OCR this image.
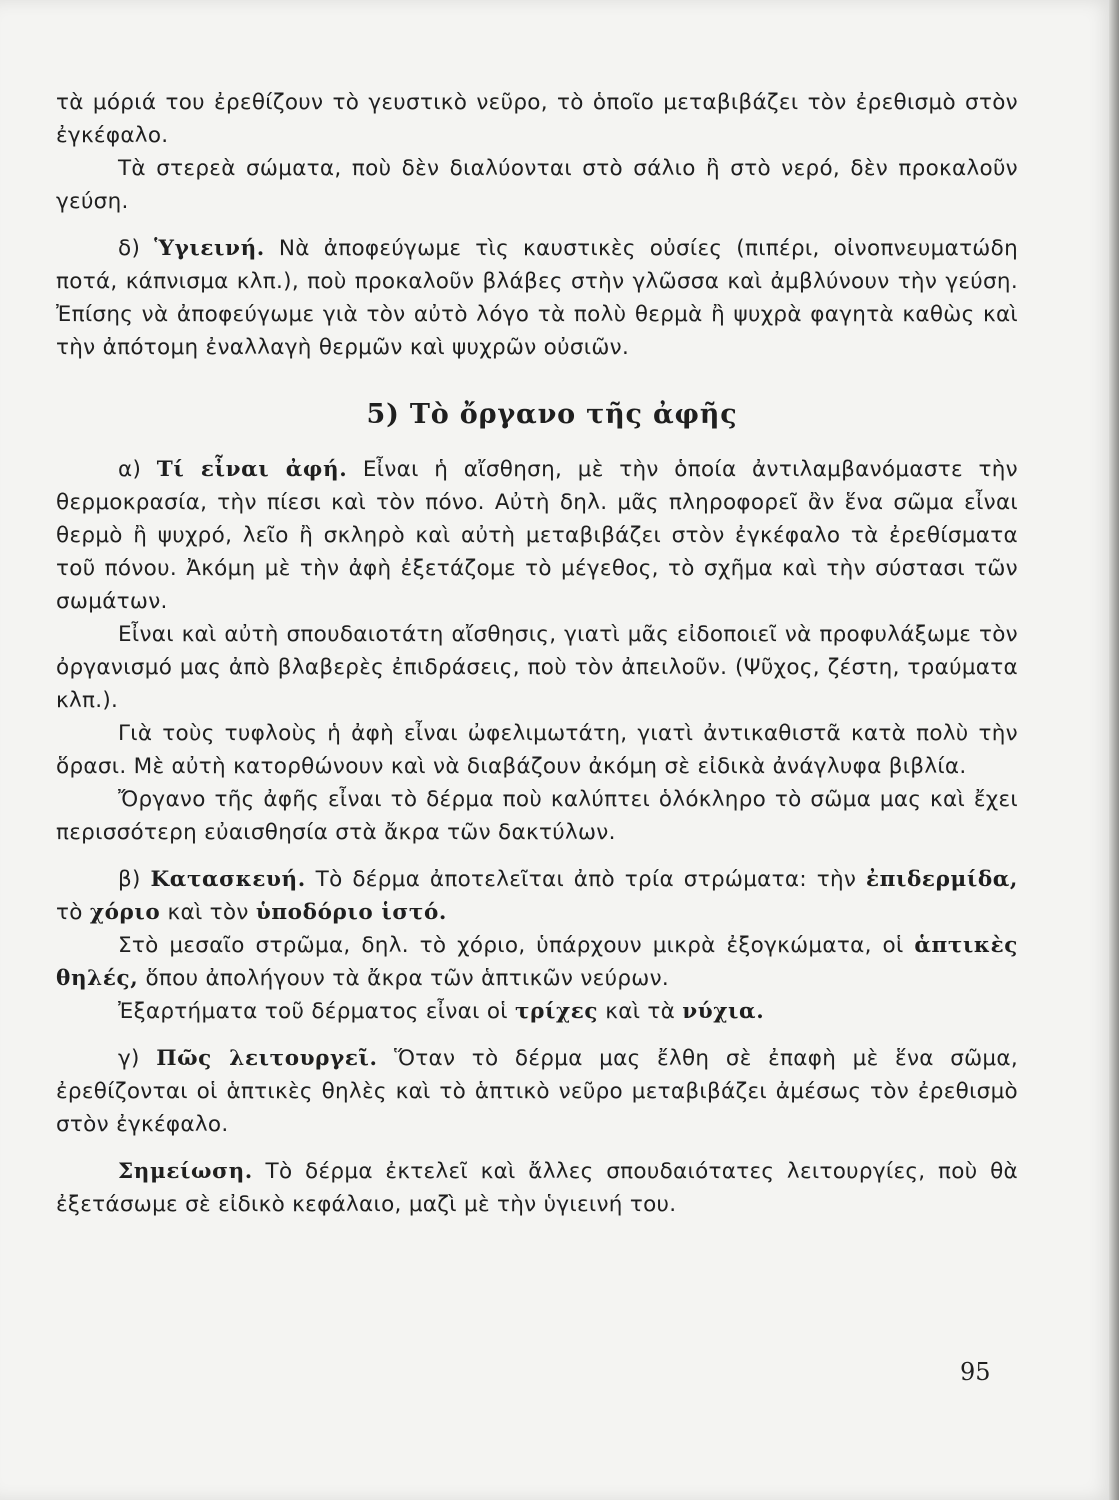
τὰ μόριά του ἐρεθίζουν τὸ γευστικὸ νεῦρο, τὸ ὁποῖο μεταβιβάζει τὸν ἐρεθισμὸ στὸν ἐγκέφαλο.

Τὰ στερεὰ σώματα, ποὺ δὲν διαλύονται στὸ σάλιο ἢ στὸ νερό, δὲν προκαλοῦν γεύση.

δ) Ὑγιεινή. Νὰ ἀποφεύγωμε τὶς καυστικὲς οὐσίες (πιπέρι, οἰνοπνευματώδη ποτά, κάπνισμα κλπ.), ποὺ προκαλοῦν βλάβες στὴν γλῶσσα καὶ ἀμβλύνουν τὴν γεύση. Ἐπίσης νὰ ἀποφεύγωμε γιὰ τὸν αὐτὸ λόγο τὰ πολὺ θερμὰ ἢ ψυχρὰ φαγητὰ καθὼς καὶ τὴν ἀπότομη ἐναλλαγὴ θερμῶν καὶ ψυχρῶν οὐσιῶν.

5) Τὸ ὄργανο τῆς ἀφῆς

α) Τί εἶναι ἀφή. Εἶναι ἡ αἴσθηση, μὲ τὴν ὁποία ἀντιλαμβανόμαστε τὴν θερμοκρασία, τὴν πίεσι καὶ τὸν πόνο. Αὐτὴ δηλ. μᾶς πληροφορεῖ ἂν ἕνα σῶμα εἶναι θερμὸ ἢ ψυχρό, λεῖο ἢ σκληρὸ καὶ αὐτὴ μεταβιβάζει στὸν ἐγκέφαλο τὰ ἐρεθίσματα τοῦ πόνου. Ἀκόμη μὲ τὴν ἀφὴ ἐξετάζομε τὸ μέγεθος, τὸ σχῆμα καὶ τὴν σύστασι τῶν σωμάτων.

Εἶναι καὶ αὐτὴ σπουδαιοτάτη αἴσθησις, γιατὶ μᾶς εἰδοποιεῖ νὰ προφυλάξωμε τὸν ὀργανισμό μας ἀπὸ βλαβερὲς ἐπιδράσεις, ποὺ τὸν ἀπειλοῦν. (Ψῦχος, ζέστη, τραύματα κλπ.).

Γιὰ τοὺς τυφλοὺς ἡ ἀφὴ εἶναι ὠφελιμωτάτη, γιατὶ ἀντικαθιστᾶ κατὰ πολὺ τὴν ὅρασι. Μὲ αὐτὴ κατορθώνουν καὶ νὰ διαβάζουν ἀκόμη σὲ εἰδικὰ ἀνάγλυφα βιβλία.

Ὄργανο τῆς ἀφῆς εἶναι τὸ δέρμα ποὺ καλύπτει ὁλόκληρο τὸ σῶμα μας καὶ ἔχει περισσότερη εὐαισθησία στὰ ἄκρα τῶν δακτύλων.

β) Κατασκευή. Τὸ δέρμα ἀποτελεῖται ἀπὸ τρία στρώματα: τὴν ἐπιδερμίδα, τὸ χόριο καὶ τὸν ὑποδόριο ἱστό.

Στὸ μεσαῖο στρῶμα, δηλ. τὸ χόριο, ὑπάρχουν μικρὰ ἐξογκώματα, οἱ ἁπτικὲς θηλές, ὅπου ἀπολήγουν τὰ ἄκρα τῶν ἁπτικῶν νεύρων.

Ἐξαρτήματα τοῦ δέρματος εἶναι οἱ τρίχες καὶ τὰ νύχια.

γ) Πῶς λειτουργεῖ. Ὅταν τὸ δέρμα μας ἔλθη σὲ ἐπαφὴ μὲ ἕνα σῶμα, ἐρεθίζονται οἱ ἁπτικὲς θηλὲς καὶ τὸ ἁπτικὸ νεῦρο μεταβιβάζει ἀμέσως τὸν ἐρεθισμὸ στὸν ἐγκέφαλο.

Σημείωση. Τὸ δέρμα ἐκτελεῖ καὶ ἄλλες σπουδαιότατες λειτουργίες, ποὺ θὰ ἐξετάσωμε σὲ εἰδικὸ κεφάλαιο, μαζὶ μὲ τὴν ὑγιεινή του.

95
